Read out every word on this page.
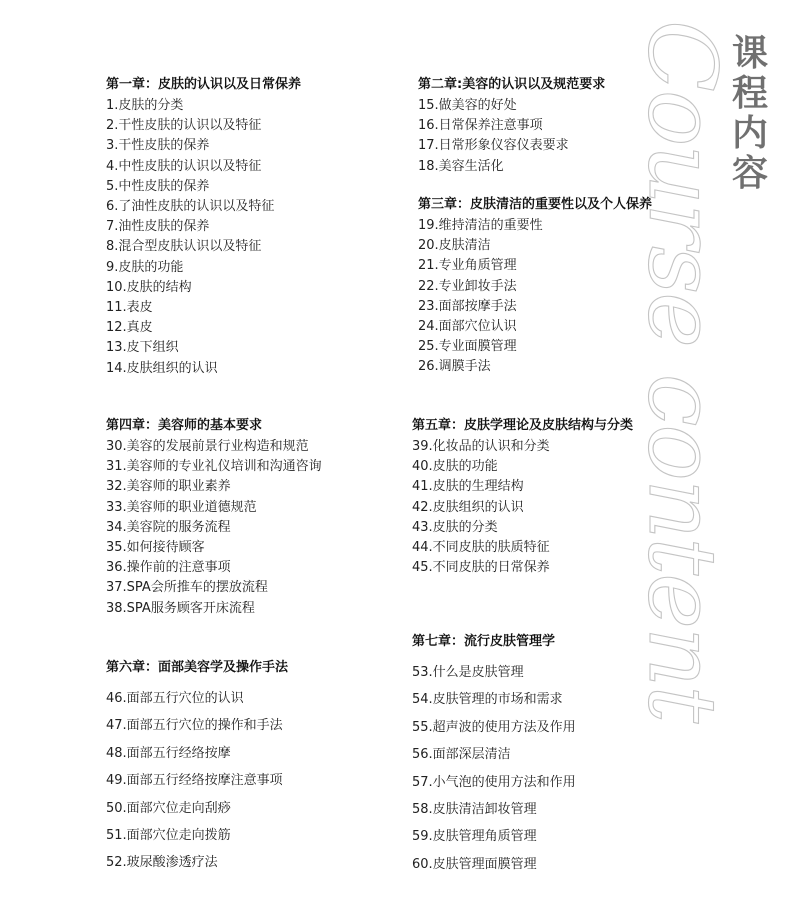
Course content
课程内容
第一章：皮肤的认识以及日常保养
1.皮肤的分类
2.干性皮肤的认识以及特征
3.干性皮肤的保养
4.中性皮肤的认识以及特征
5.中性皮肤的保养
6.了油性皮肤的认识以及特征
7.油性皮肤的保养
8.混合型皮肤认识以及特征
9.皮肤的功能
10.皮肤的结构
11.表皮
12.真皮
13.皮下组织
14.皮肤组织的认识
第二章:美容的认识以及规范要求
15.做美容的好处
16.日常保养注意事项
17.日常形象仪容仪表要求
18.美容生活化
第三章：皮肤清洁的重要性以及个人保养
19.维持清洁的重要性
20.皮肤清洁
21.专业角质管理
22.专业卸妆手法
23.面部按摩手法
24.面部穴位认识
25.专业面膜管理
26.调膜手法
第四章：美容师的基本要求
30.美容的发展前景行业构造和规范
31.美容师的专业礼仪培训和沟通咨询
32.美容师的职业素养
33.美容师的职业道德规范
34.美容院的服务流程
35.如何接待顾客
36.操作前的注意事项
37.SPA会所推车的摆放流程
38.SPA服务顾客开床流程
第五章：皮肤学理论及皮肤结构与分类
39.化妆品的认识和分类
40.皮肤的功能
41.皮肤的生理结构
42.皮肤组织的认识
43.皮肤的分类
44.不同皮肤的肤质特征
45.不同皮肤的日常保养
第六章：面部美容学及操作手法
46.面部五行穴位的认识
47.面部五行穴位的操作和手法
48.面部五行经络按摩
49.面部五行经络按摩注意事项
50.面部穴位走向刮痧
51.面部穴位走向拨筋
52.玻尿酸渗透疗法
第七章：流行皮肤管理学
53.什么是皮肤管理
54.皮肤管理的市场和需求
55.超声波的使用方法及作用
56.面部深层清洁
57.小气泡的使用方法和作用
58.皮肤清洁卸妆管理
59.皮肤管理角质管理
60.皮肤管理面膜管理
